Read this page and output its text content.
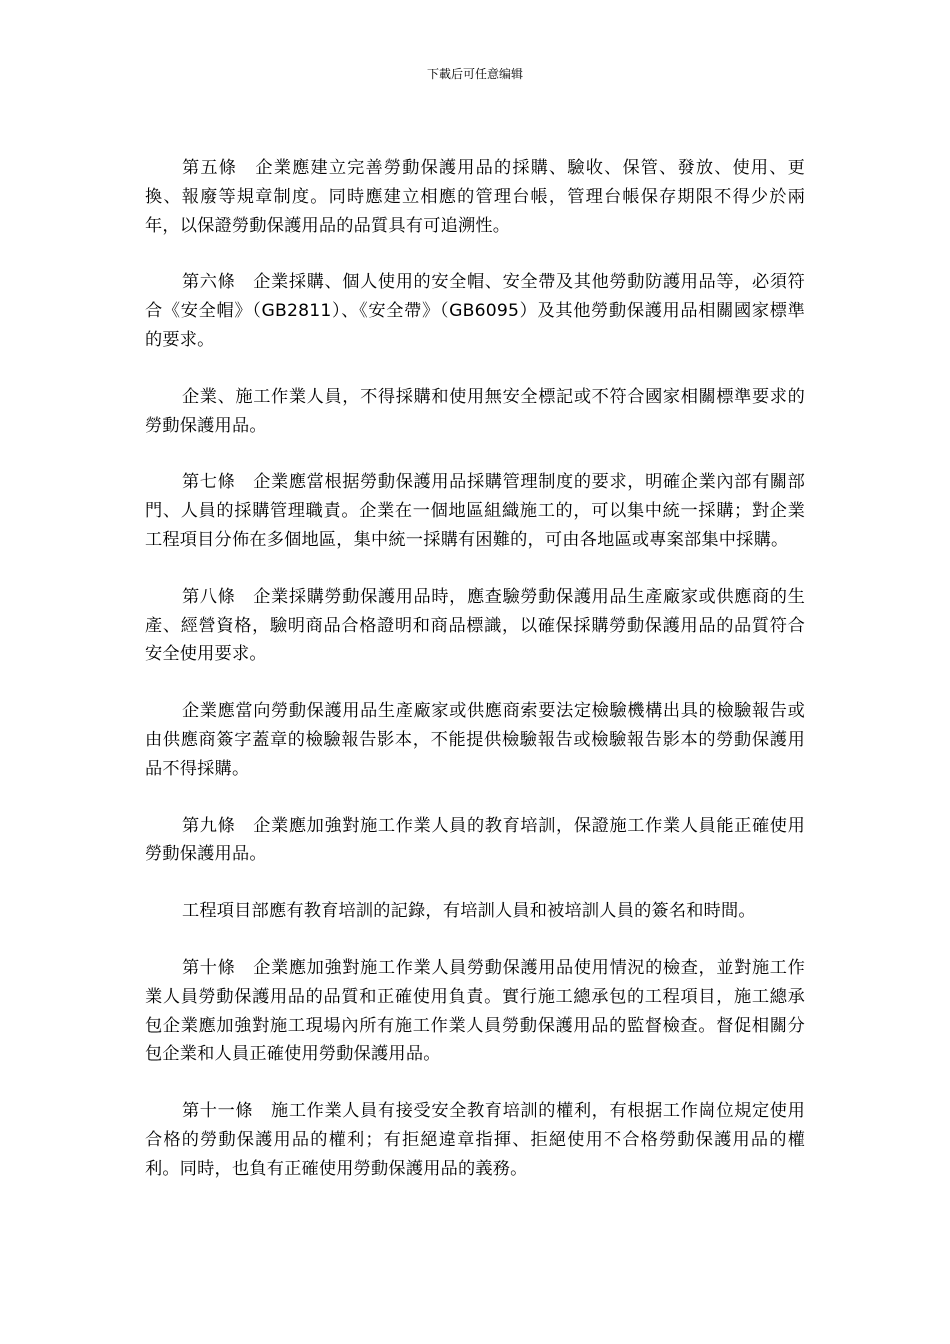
下載后可任意编辑

第五條　企業應建立完善勞動保護用品的採購、驗收、保管、發放、使用、更換、報廢等規章制度。同時應建立相應的管理台帳，管理台帳保存期限不得少於兩年，以保證勞動保護用品的品質具有可追溯性。

第六條　企業採購、個人使用的安全帽、安全帶及其他勞動防護用品等，必須符合《安全帽》（GB2811）、《安全帶》（GB6095）及其他勞動保護用品相關國家標準的要求。

企業、施工作業人員，不得採購和使用無安全標記或不符合國家相關標準要求的勞動保護用品。

第七條　企業應當根据勞動保護用品採購管理制度的要求，明確企業內部有關部門、人員的採購管理職責。企業在一個地區組織施工的，可以集中統一採購；對企業工程項目分佈在多個地區，集中統一採購有困難的，可由各地區或專案部集中採購。

第八條　企業採購勞動保護用品時，應查驗勞動保護用品生產廠家或供應商的生產、經營資格，驗明商品合格證明和商品標識，以確保採購勞動保護用品的品質符合安全使用要求。

企業應當向勞動保護用品生產廠家或供應商索要法定檢驗機構出具的檢驗報告或由供應商簽字蓋章的檢驗報告影本，不能提供檢驗報告或檢驗報告影本的勞動保護用品不得採購。

第九條　企業應加強對施工作業人員的教育培訓，保證施工作業人員能正確使用勞動保護用品。

工程項目部應有教育培訓的記錄，有培訓人員和被培訓人員的簽名和時間。

第十條　企業應加強對施工作業人員勞動保護用品使用情況的檢查，並對施工作業人員勞動保護用品的品質和正確使用負責。實行施工總承包的工程項目，施工總承包企業應加強對施工現場內所有施工作業人員勞動保護用品的監督檢查。督促相關分包企業和人員正確使用勞動保護用品。

第十一條　施工作業人員有接受安全教育培訓的權利，有根据工作崗位規定使用合格的勞動保護用品的權利；有拒絕違章指揮、拒絕使用不合格勞動保護用品的權利。同時，也負有正確使用勞動保護用品的義務。
